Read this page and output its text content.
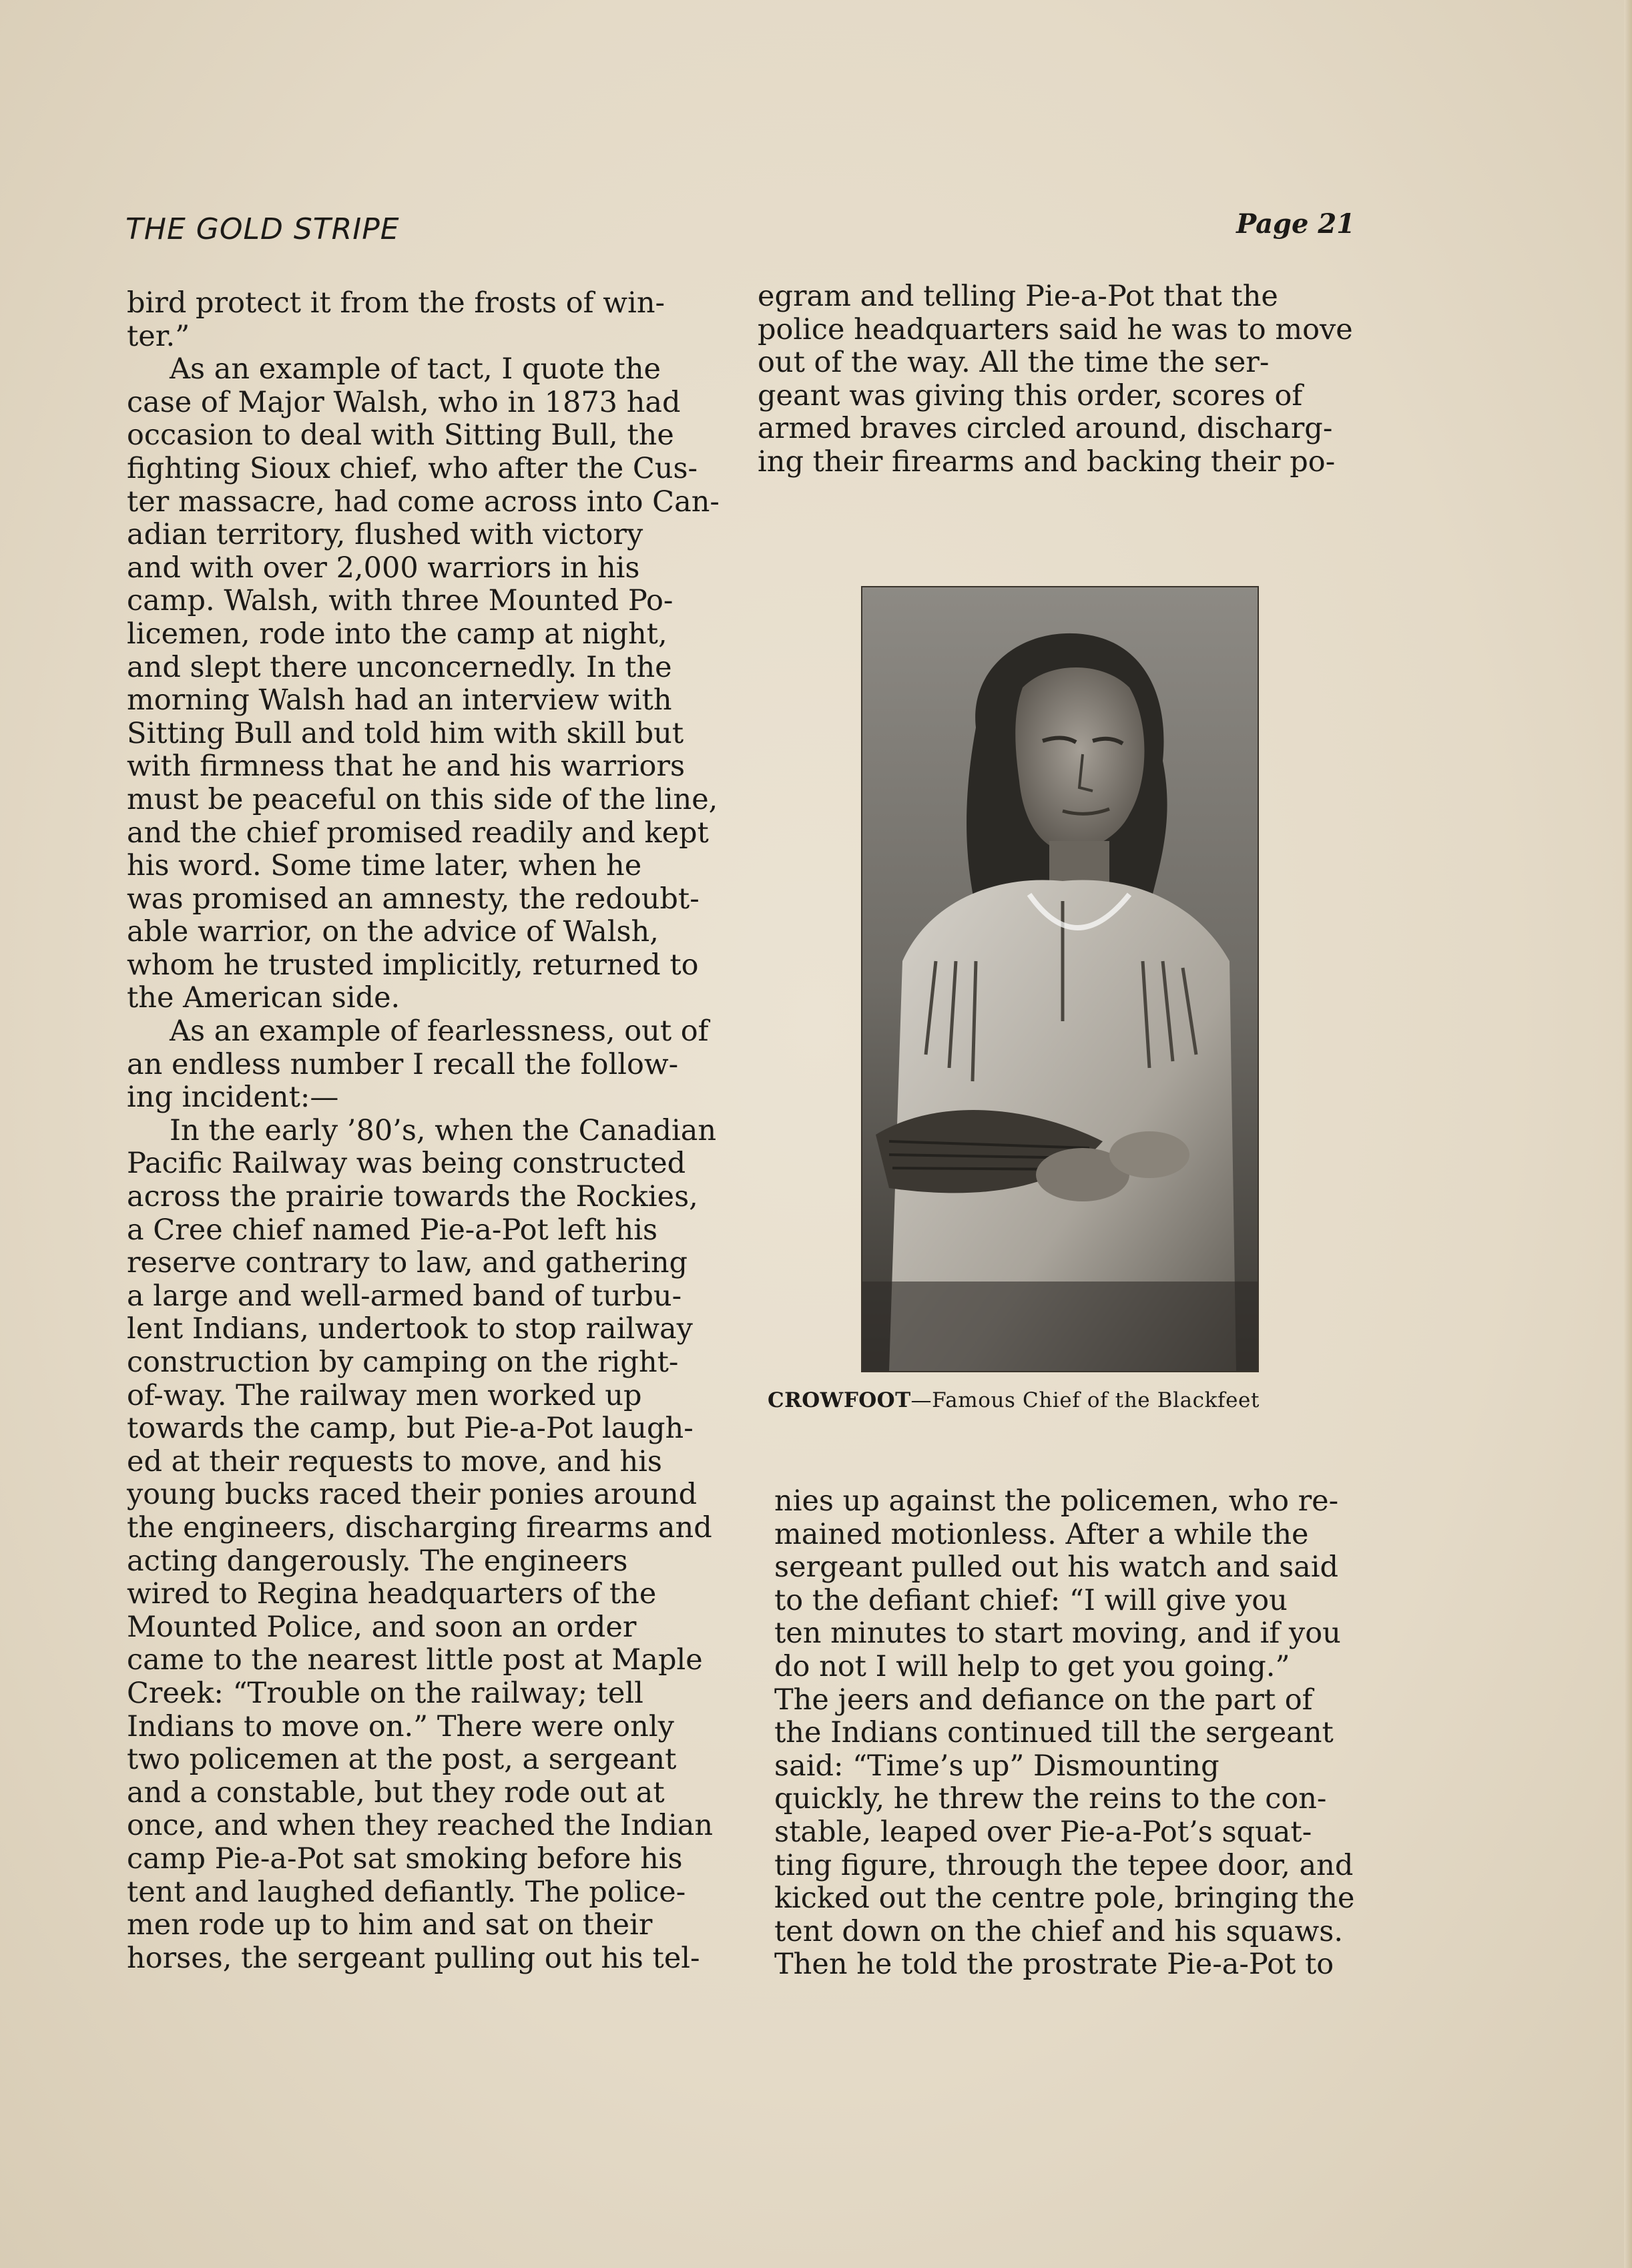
THE GOLD STRIPE	Page 21

bird protect it from the frosts of win-
ter.”

As an example of tact, I quote the
case of Major Walsh, who in 1873 had
occasion to deal with Sitting Bull, the
fighting Sioux chief, who after the Cus-
ter massacre, had come across into Can-
adian territory, flushed with victory
and with over 2,000 warriors in his
camp. Walsh, with three Mounted Po-
licemen, rode into the camp at night,
and slept there unconcernedly. In the
morning Walsh had an interview with
Sitting Bull and told him with skill but
with firmness that he and his warriors
must be peaceful on this side of the line,
and the chief promised readily and kept
his word. Some time later, when he
was promised an amnesty, the redoubt-
able warrior, on the advice of Walsh,
whom he trusted implicitly, returned to
the American side.

As an example of fearlessness, out of
an endless number I recall the follow-
ing incident:—

In the early ’80’s, when the Canadian
Pacific Railway was being constructed
across the prairie towards the Rockies,
a Cree chief named Pie-a-Pot left his
reserve contrary to law, and gathering
a large and well-armed band of turbu-
lent Indians, undertook to stop railway
construction by camping on the right-
of-way. The railway men worked up
towards the camp, but Pie-a-Pot laugh-
ed at their requests to move, and his
young bucks raced their ponies around
the engineers, discharging firearms and
acting dangerously. The engineers
wired to Regina headquarters of the
Mounted Police, and soon an order
came to the nearest little post at Maple
Creek: “Trouble on the railway; tell
Indians to move on.” There were only
two policemen at the post, a sergeant
and a constable, but they rode out at
once, and when they reached the Indian
camp Pie-a-Pot sat smoking before his
tent and laughed defiantly. The police-
men rode up to him and sat on their
horses, the sergeant pulling out his tel-

egram and telling Pie-a-Pot that the
police headquarters said he was to move
out of the way. All the time the ser-
geant was giving this order, scores of
armed braves circled around, discharg-
ing their firearms and backing their po-

CROWFOOT—Famous Chief of the Blackfeet

nies up against the policemen, who re-
mained motionless. After a while the
sergeant pulled out his watch and said
to the defiant chief: “I will give you
ten minutes to start moving, and if you
do not I will help to get you going.”
The jeers and defiance on the part of
the Indians continued till the sergeant
said: “Time’s up” Dismounting
quickly, he threw the reins to the con-
stable, leaped over Pie-a-Pot’s squat-
ting figure, through the tepee door, and
kicked out the centre pole, bringing the
tent down on the chief and his squaws.
Then he told the prostrate Pie-a-Pot to
